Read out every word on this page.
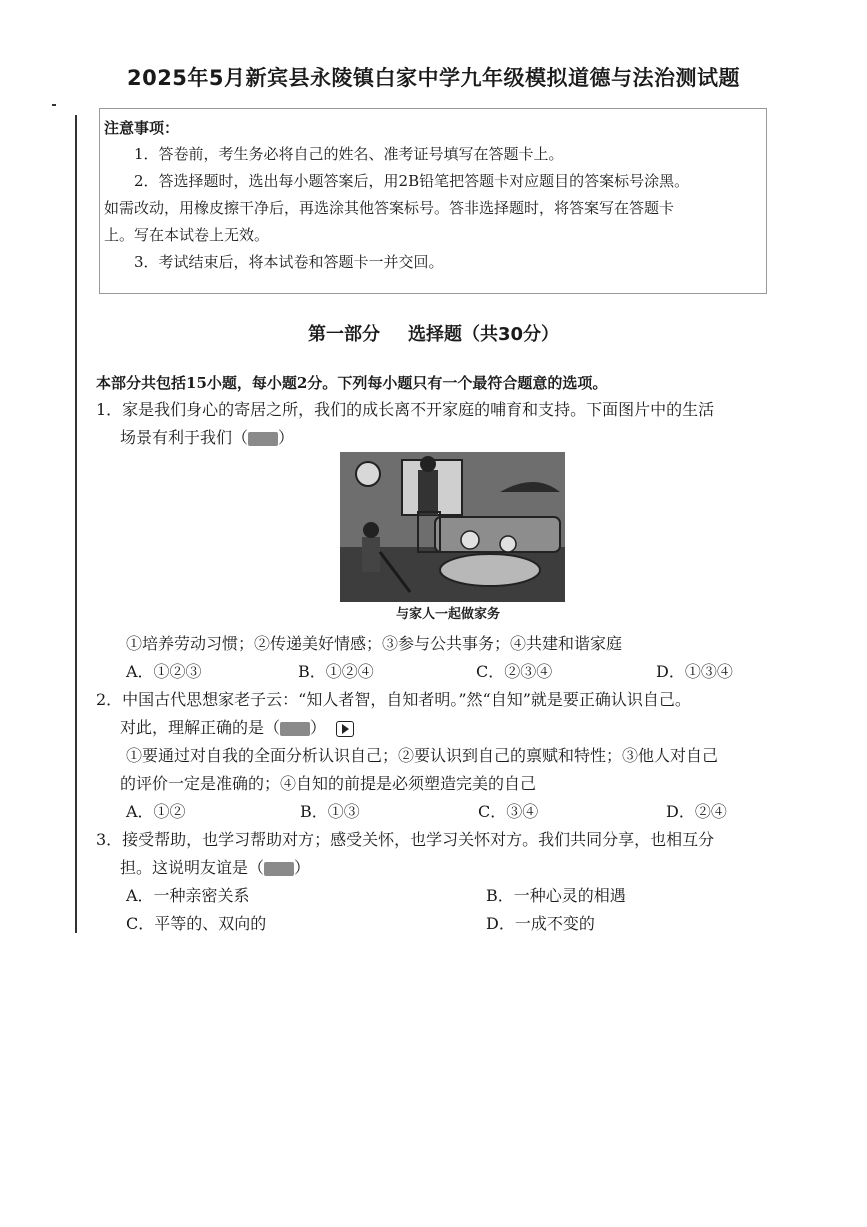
2025年5月新宾县永陵镇白家中学九年级模拟道德与法治测试题
注意事项：
1．答卷前，考生务必将自己的姓名、准考证号填写在答题卡上。
2．答选择题时，选出每小题答案后，用2B铅笔把答题卡对应题目的答案标号涂黑。
如需改动，用橡皮擦干净后，再选涂其他答案标号。答非选择题时，将答案写在答题卡
上。写在本试卷上无效。
3．考试结束后，将本试卷和答题卡一并交回。
第一部分 选择题（共30分）
本部分共包括15小题，每小题2分。下列每小题只有一个最符合题意的选项。
1．家是我们身心的寄居之所，我们的成长离不开家庭的哺育和支持。下面图片中的生活
场景有利于我们（ ）
①培养劳动习惯；②传递美好情感；③参与公共事务；④共建和谐家庭
A．①②③	B．①②④	C．②③④	D．①③④
2．中国古代思想家老子云：“知人者智，自知者明。”然“自知”就是要正确认识自己。
对此，理解正确的是（ ）
①要通过对自我的全面分析认识自己；②要认识到自己的禀赋和特性；③他人对自己
的评价一定是准确的；④自知的前提是必须塑造完美的自己
A．①②	B．①③	C．③④	D．②④
3．接受帮助，也学习帮助对方；感受关怀，也学习关怀对方。我们共同分享，也相互分
担。这说明友谊是（ ）
A．一种亲密关系	B．一种心灵的相遇
C．平等的、双向的	D．一成不变的
与家人一起做家务
